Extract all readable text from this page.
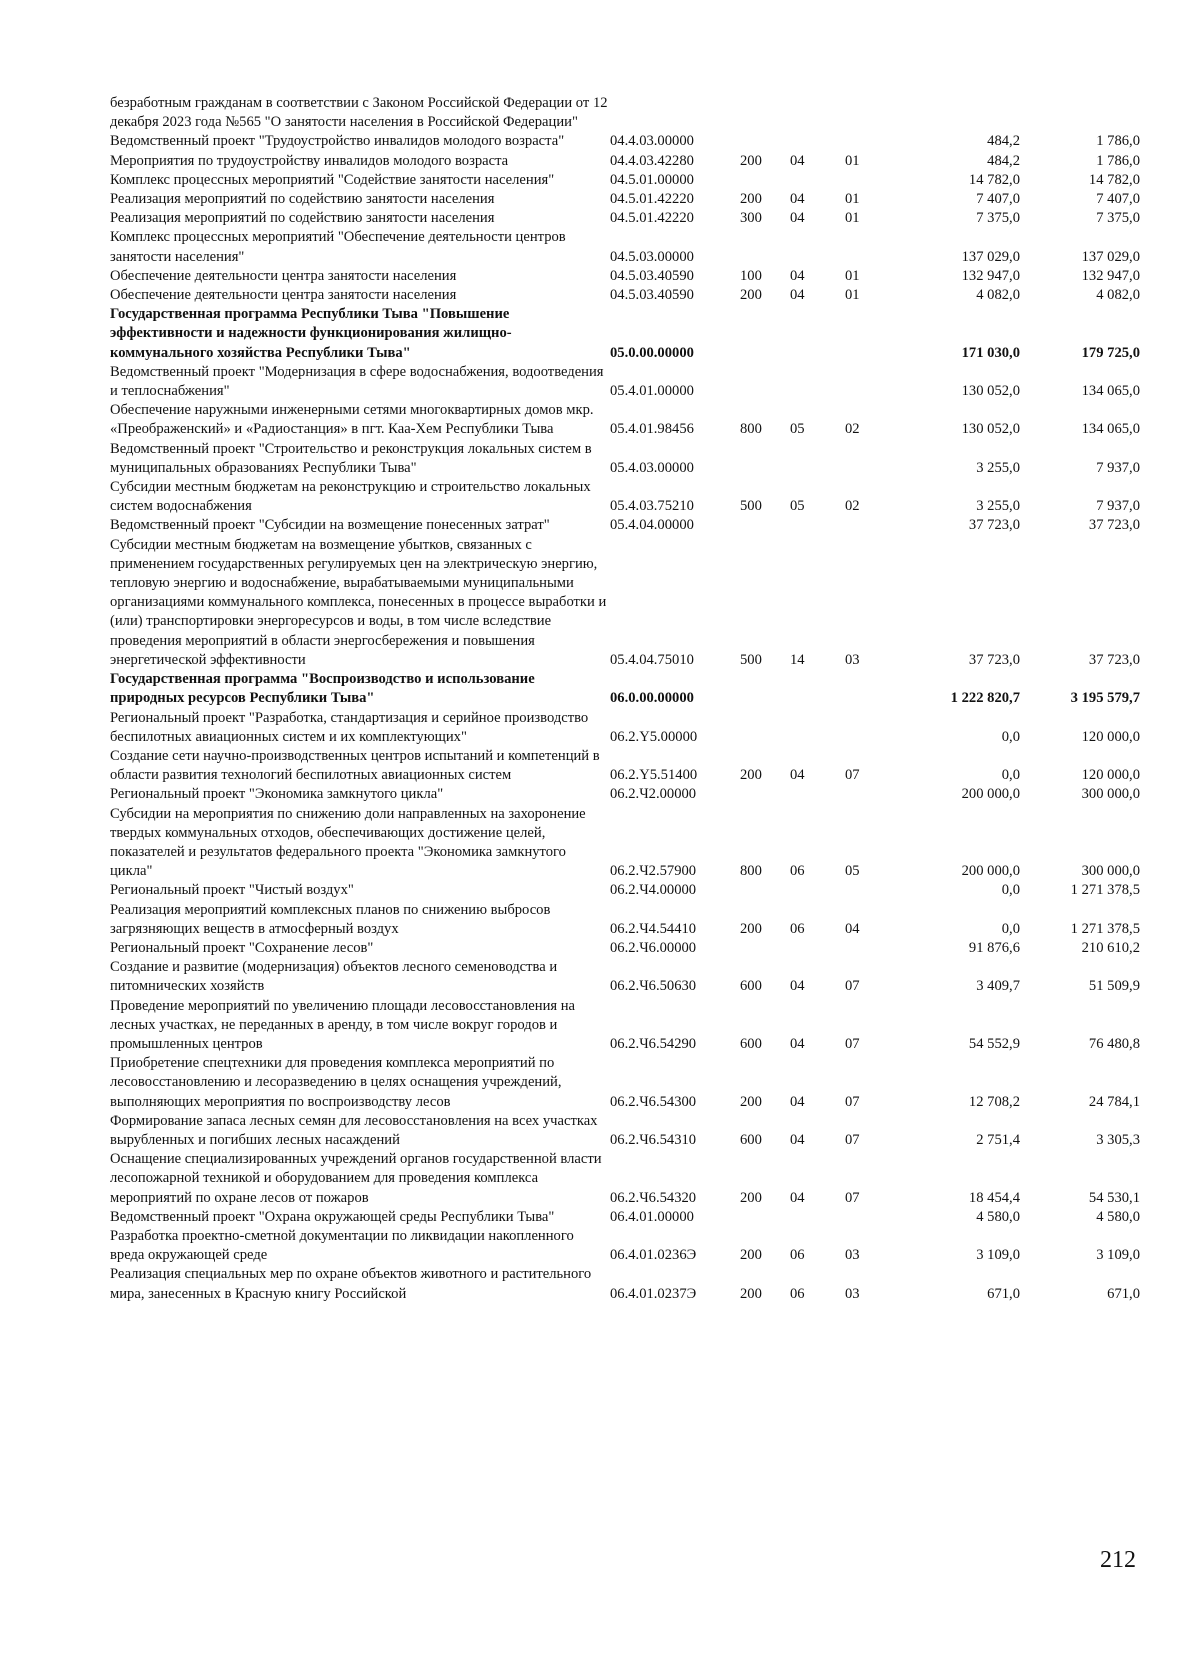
безработным гражданам в соответствии с Законом Российской Федерации от 12 декабря 2023 года №565 "О занятости населения в Российской Федерации"						
Ведомственный проект "Трудоустройство инвалидов молодого возраста"	04.4.03.00000				484,2	1 786,0
Мероприятия по трудоустройству инвалидов молодого возраста	04.4.03.42280	200	04	01	484,2	1 786,0
Комплекс процессных мероприятий "Содействие занятости населения"	04.5.01.00000				14 782,0	14 782,0
Реализация мероприятий по содействию занятости населения	04.5.01.42220	200	04	01	7 407,0	7 407,0
Реализация мероприятий по содействию занятости населения	04.5.01.42220	300	04	01	7 375,0	7 375,0
Комплекс процессных мероприятий "Обеспечение деятельности центров занятости населения"	04.5.03.00000				137 029,0	137 029,0
Обеспечение деятельности центра занятости населения	04.5.03.40590	100	04	01	132 947,0	132 947,0
Обеспечение деятельности центра занятости населения	04.5.03.40590	200	04	01	4 082,0	4 082,0
Государственная программа Республики Тыва "Повышение эффективности и надежности функционирования жилищно-коммунального хозяйства Республики Тыва"	05.0.00.00000				171 030,0	179 725,0
Ведомственный проект "Модернизация в сфере водоснабжения, водоотведения и теплоснабжения"	05.4.01.00000				130 052,0	134 065,0
Обеспечение наружными инженерными сетями многоквартирных домов мкр. «Преображенский» и «Радиостанция» в пгт. Каа-Хем Республики Тыва	05.4.01.98456	800	05	02	130 052,0	134 065,0
Ведомственный проект "Строительство и реконструкция локальных систем в муниципальных образованиях Республики Тыва"	05.4.03.00000				3 255,0	7 937,0
Субсидии местным бюджетам на реконструкцию и строительство локальных систем водоснабжения	05.4.03.75210	500	05	02	3 255,0	7 937,0
Ведомственный проект "Субсидии на возмещение понесенных затрат"	05.4.04.00000				37 723,0	37 723,0
Субсидии местным бюджетам на возмещение убытков, связанных с применением государственных регулируемых цен на электрическую энергию, тепловую энергию и водоснабжение, вырабатываемыми муниципальными организациями коммунального комплекса, понесенных в процессе выработки и (или) транспортировки энергоресурсов и воды, в том числе вследствие проведения мероприятий в области энергосбережения и повышения энергетической эффективности	05.4.04.75010	500	14	03	37 723,0	37 723,0
Государственная программа "Воспроизводство и использование природных ресурсов Республики Тыва"	06.0.00.00000				1 222 820,7	3 195 579,7
Региональный проект "Разработка, стандартизация и серийное производство беспилотных авиационных систем и их комплектующих"	06.2.Y5.00000				0,0	120 000,0
Создание сети научно-производственных центров испытаний и компетенций в области развития технологий беспилотных авиационных систем	06.2.Y5.51400	200	04	07	0,0	120 000,0
Региональный проект "Экономика замкнутого цикла"	06.2.Ч2.00000				200 000,0	300 000,0
Субсидии на мероприятия по снижению доли направленных на захоронение твердых коммунальных отходов, обеспечивающих достижение целей, показателей и результатов федерального проекта "Экономика замкнутого цикла"	06.2.Ч2.57900	800	06	05	200 000,0	300 000,0
Региональный проект "Чистый воздух"	06.2.Ч4.00000				0,0	1 271 378,5
Реализация мероприятий комплексных планов по снижению выбросов загрязняющих веществ в атмосферный воздух	06.2.Ч4.54410	200	06	04	0,0	1 271 378,5
Региональный проект "Сохранение лесов"	06.2.Ч6.00000				91 876,6	210 610,2
Создание и развитие (модернизация) объектов лесного семеноводства и питомнических хозяйств	06.2.Ч6.50630	600	04	07	3 409,7	51 509,9
Проведение мероприятий по увеличению площади лесовосстановления на лесных участках, не переданных в аренду, в том числе вокруг городов и промышленных центров	06.2.Ч6.54290	600	04	07	54 552,9	76 480,8
Приобретение спецтехники для проведения комплекса мероприятий по лесовосстановлению и лесоразведению в целях оснащения учреждений, выполняющих мероприятия по воспроизводству лесов	06.2.Ч6.54300	200	04	07	12 708,2	24 784,1
Формирование запаса лесных семян для лесовосстановления на всех участках вырубленных и погибших лесных насаждений	06.2.Ч6.54310	600	04	07	2 751,4	3 305,3
Оснащение специализированных учреждений органов государственной власти лесопожарной техникой и оборудованием для проведения комплекса мероприятий по охране лесов от пожаров	06.2.Ч6.54320	200	04	07	18 454,4	54 530,1
Ведомственный проект "Охрана окружающей среды Республики Тыва"	06.4.01.00000				4 580,0	4 580,0
Разработка проектно-сметной документации по ликвидации накопленного вреда окружающей среде	06.4.01.0236Э	200	06	03	3 109,0	3 109,0
Реализация специальных мер по охране объектов животного и растительного мира, занесенных в Красную книгу Российской	06.4.01.0237Э	200	06	03	671,0	671,0
212
